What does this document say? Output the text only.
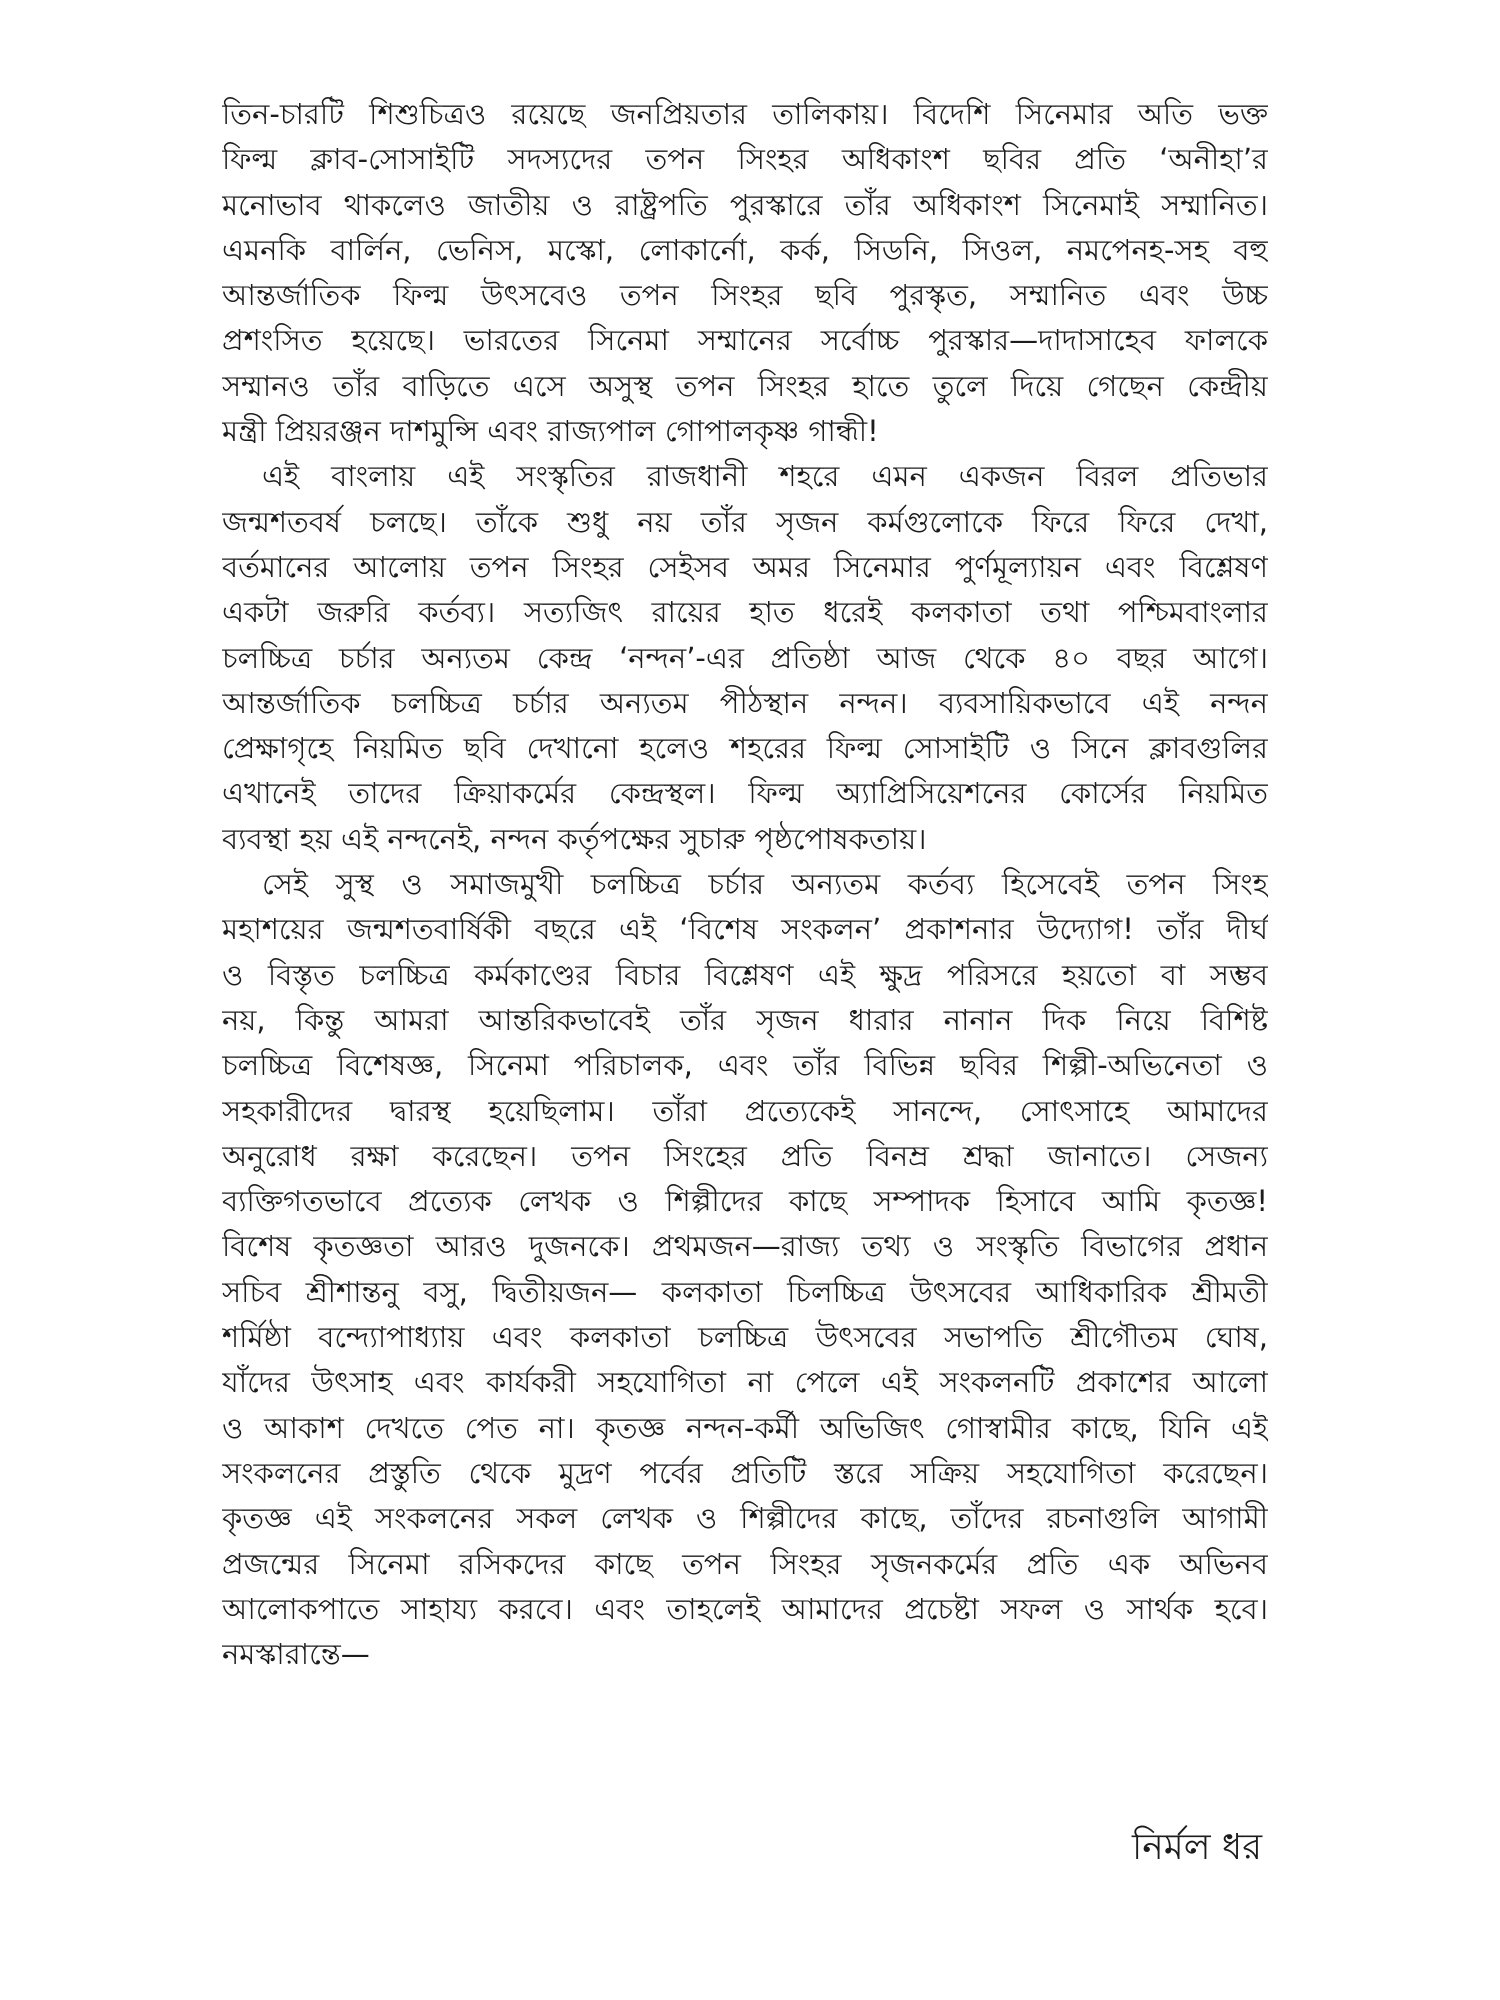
তিন-চারটি শিশুচিত্রও রয়েছে জনপ্রিয়তার তালিকায়। বিদেশি সিনেমার অতি ভক্ত
ফিল্ম ক্লাব-সোসাইটি সদস্যদের তপন সিংহর অধিকাংশ ছবির প্রতি ‘অনীহা’র
মনোভাব থাকলেও জাতীয় ও রাষ্ট্রপতি পুরস্কারে তাঁর অধিকাংশ সিনেমাই সম্মানিত।
এমনকি বার্লিন, ভেনিস, মস্কো, লোকার্নো, কর্ক, সিডনি, সিওল, নমপেনহ-সহ বহু
আন্তর্জাতিক ফিল্ম উৎসবেও তপন সিংহর ছবি পুরস্কৃত, সম্মানিত এবং উচ্চ
প্রশংসিত হয়েছে। ভারতের সিনেমা সম্মানের সর্বোচ্চ পুরস্কার—দাদাসাহেব ফালকে
সম্মানও তাঁর বাড়িতে এসে অসুস্থ তপন সিংহর হাতে তুলে দিয়ে গেছেন কেন্দ্রীয়
মন্ত্রী প্রিয়রঞ্জন দাশমুন্সি এবং রাজ্যপাল গোপালকৃষ্ণ গান্ধী!
এই বাংলায় এই সংস্কৃতির রাজধানী শহরে এমন একজন বিরল প্রতিভার
জন্মশতবর্ষ চলছে। তাঁকে শুধু নয় তাঁর সৃজন কর্মগুলোকে ফিরে ফিরে দেখা,
বর্তমানের আলোয় তপন সিংহর সেইসব অমর সিনেমার পুর্ণমূল্যায়ন এবং বিশ্লেষণ
একটা জরুরি কর্তব্য। সত্যজিৎ রায়ের হাত ধরেই কলকাতা তথা পশ্চিমবাংলার
চলচ্চিত্র চর্চার অন্যতম কেন্দ্র ‘নন্দন’-এর প্রতিষ্ঠা আজ থেকে ৪০ বছর আগে।
আন্তর্জাতিক চলচ্চিত্র চর্চার অন্যতম পীঠস্থান নন্দন। ব্যবসায়িকভাবে এই নন্দন
প্রেক্ষাগৃহে নিয়মিত ছবি দেখানো হলেও শহরের ফিল্ম সোসাইটি ও সিনে ক্লাবগুলির
এখানেই তাদের ক্রিয়াকর্মের কেন্দ্রস্থল। ফিল্ম অ্যাপ্রিসিয়েশনের কোর্সের নিয়মিত
ব্যবস্থা হয় এই নন্দনেই, নন্দন কর্তৃপক্ষের সুচারু পৃষ্ঠপোষকতায়।
সেই সুস্থ ও সমাজমুখী চলচ্চিত্র চর্চার অন্যতম কর্তব্য হিসেবেই তপন সিংহ
মহাশয়ের জন্মশতবার্ষিকী বছরে এই ‘বিশেষ সংকলন’ প্রকাশনার উদ্যোগ! তাঁর দীর্ঘ
ও বিস্তৃত চলচ্চিত্র কর্মকাণ্ডের বিচার বিশ্লেষণ এই ক্ষুদ্র পরিসরে হয়তো বা সম্ভব
নয়, কিন্তু আমরা আন্তরিকভাবেই তাঁর সৃজন ধারার নানান দিক নিয়ে বিশিষ্ট
চলচ্চিত্র বিশেষজ্ঞ, সিনেমা পরিচালক, এবং তাঁর বিভিন্ন ছবির শিল্পী-অভিনেতা ও
সহকারীদের দ্বারস্থ হয়েছিলাম। তাঁরা প্রত্যেকেই সানন্দে, সোৎসাহে আমাদের
অনুরোধ রক্ষা করেছেন। তপন সিংহের প্রতি বিনম্র শ্রদ্ধা জানাতে। সেজন্য
ব্যক্তিগতভাবে প্রত্যেক লেখক ও শিল্পীদের কাছে সম্পাদক হিসাবে আমি কৃতজ্ঞ!
বিশেষ কৃতজ্ঞতা আরও দুজনকে। প্রথমজন—রাজ্য তথ্য ও সংস্কৃতি বিভাগের প্রধান
সচিব শ্রীশান্তনু বসু, দ্বিতীয়জন— কলকাতা চিলচ্চিত্র উৎসবের আধিকারিক শ্রীমতী
শর্মিষ্ঠা বন্দ্যোপাধ্যায় এবং কলকাতা চলচ্চিত্র উৎসবের সভাপতি শ্রীগৌতম ঘোষ,
যাঁদের উৎসাহ এবং কার্যকরী সহযোগিতা না পেলে এই সংকলনটি প্রকাশের আলো
ও আকাশ দেখতে পেত না। কৃতজ্ঞ নন্দন-কর্মী অভিজিৎ গোস্বামীর কাছে, যিনি এই
সংকলনের প্রস্তুতি থেকে মুদ্রণ পর্বের প্রতিটি স্তরে সক্রিয় সহযোগিতা করেছেন।
কৃতজ্ঞ এই সংকলনের সকল লেখক ও শিল্পীদের কাছে, তাঁদের রচনাগুলি আগামী
প্রজন্মের সিনেমা রসিকদের কাছে তপন সিংহর সৃজনকর্মের প্রতি এক অভিনব
আলোকপাতে সাহায্য করবে। এবং তাহলেই আমাদের প্রচেষ্টা সফল ও সার্থক হবে।
নমস্কারান্তে—
নির্মল ধর
